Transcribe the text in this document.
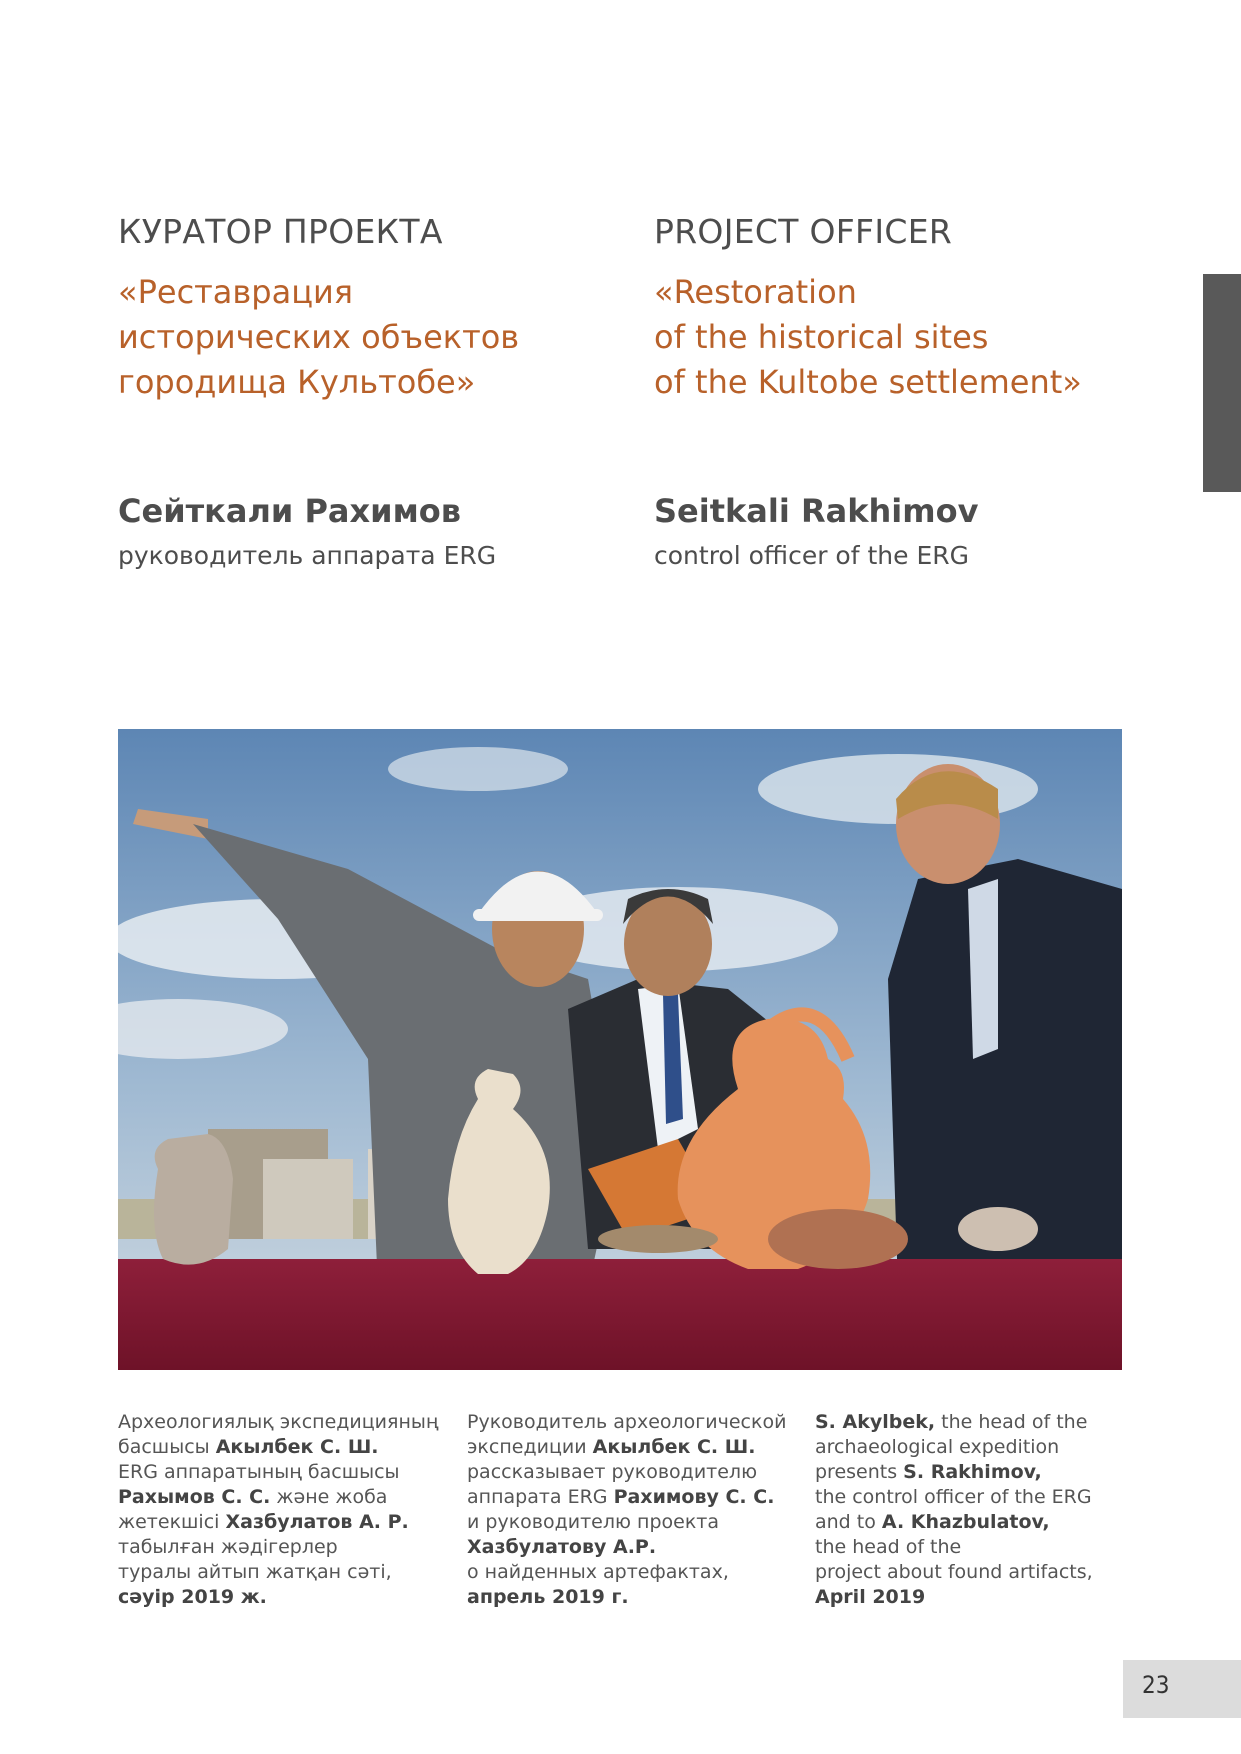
КУРАТОР ПРОЕКТА
«Реставрация
исторических объектов
городища Культобе»
Сейткали Рахимов
руководитель аппарата ERG
PROJECT OFFICER
«Restoration
of the historical sites
of the Kultobe settlement»
Seitkali Rakhimov
control officer of the ERG
Археологиялық экспедицияның
басшысы Акылбек С. Ш.
ERG аппаратының басшысы
Рахымов С. С. және жоба
жетекшісі Хазбулатов А. Р.
табылған жәдігерлер
туралы айтып жатқан сәті,
сәуір 2019 ж.
Руководитель археологической
экспедиции Акылбек С. Ш.
рассказывает руководителю
аппарата ERG Рахимову С. С.
и руководителю проекта
Хазбулатову А.Р.
о найденных артефактах,
апрель 2019 г.
S. Akylbek, the head of the
archaeological expedition
presents S. Rakhimov,
the control officer of the ERG
and to A. Khazbulatov,
the head of the
project about found artifacts,
April 2019
23
